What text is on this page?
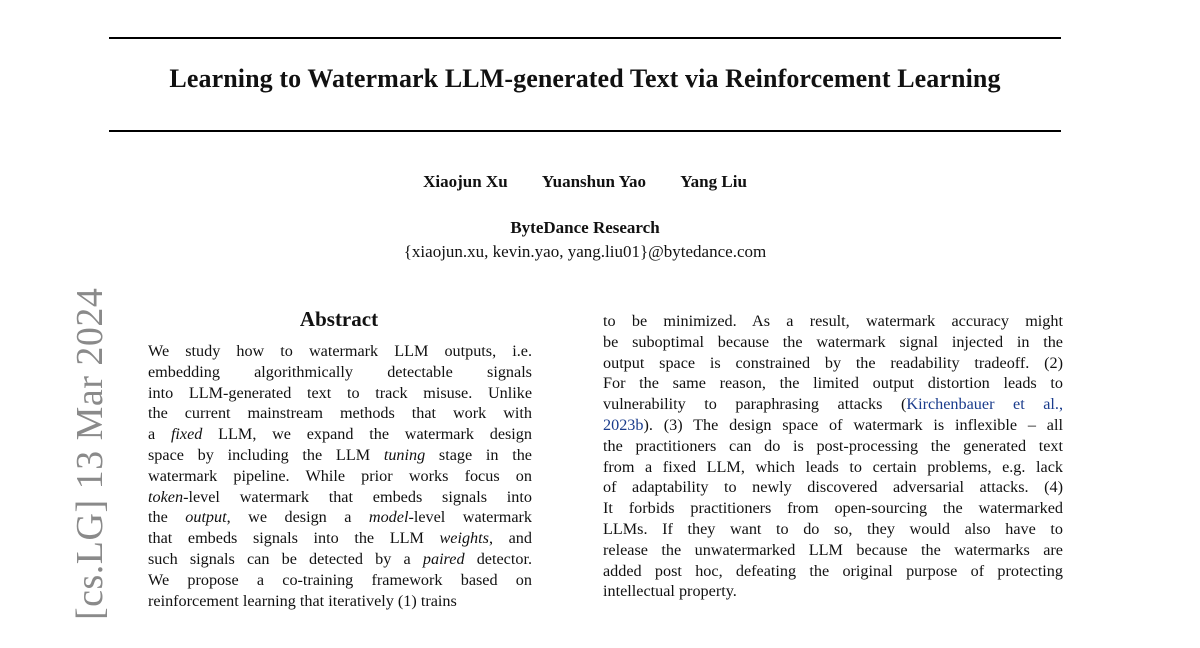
Learning to Watermark LLM-generated Text via Reinforcement Learning
Xiaojun Xu Yuanshun Yao Yang Liu
ByteDance Research
{xiaojun.xu, kevin.yao, yang.liu01}@bytedance.com
[cs.LG] 13 Mar 2024	Abstract
We study how to watermark LLM outputs, i.e.
embedding algorithmically detectable signals
into LLM-generated text to track misuse. Unlike
the current mainstream methods that work with
a fixed LLM, we expand the watermark design
space by including the LLM tuning stage in the
watermark pipeline. While prior works focus on
token-level watermark that embeds signals into
the output, we design a model-level watermark
that embeds signals into the LLM weights, and
such signals can be detected by a paired detector.
We propose a co-training framework based on
reinforcement learning that iteratively (1) trains
to be minimized. As a result, watermark accuracy might
be suboptimal because the watermark signal injected in the
output space is constrained by the readability tradeoff. (2)
For the same reason, the limited output distortion leads to
vulnerability to paraphrasing attacks (Kirchenbauer et al.,
2023b). (3) The design space of watermark is inflexible – all
the practitioners can do is post-processing the generated text
from a fixed LLM, which leads to certain problems, e.g. lack
of adaptability to newly discovered adversarial attacks. (4)
It forbids practitioners from open-sourcing the watermarked
LLMs. If they want to do so, they would also have to
release the unwatermarked LLM because the watermarks are
added post hoc, defeating the original purpose of protecting
intellectual property.
